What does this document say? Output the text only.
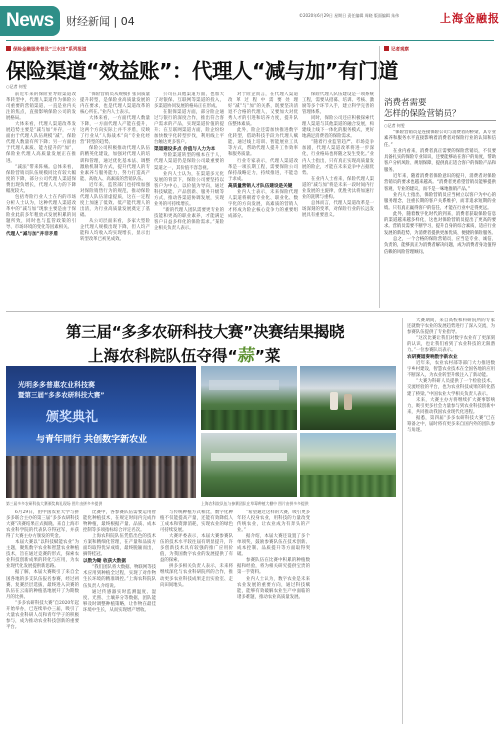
News 财经新闻 | 04	©2020年6月29日 星期日 责任编辑 周晓 版面编辑 朱伟	上海金融报
保险金融服务普及“三水田”系列报道
保险渠道“效益账”：代理人“减与加”有门道
○记者 何雯

前近年来的保险业寿险渠道改革转型中，代理人渠道作为保险公司重要的营销渠道，一直是业内关注的焦点，直接影响保险公司的发展格局。

大体来看，代理人渠道改革发展趋势主要是“减与加”并存，一方面由于代理人队伍规模“减”，保险代理人数量有所下降；另一方面由于代理人素质、能力提升的“加”，保险业代理人高质量发展正在推进。

“减法”带来阵痛。总体来看，保险营销员队伍规模同比有较大幅度的下降，部分公司代理人渠道保费出现负增长，代理人人力的下降幅度较大。

包括寿险行业人士在内的市场分析人士认为，这种代理人渠道改革中的“减与加”现象主要是由于保险业此前多年粗放式发展积累的问题所致，同时也与监管政策的引导、市场环境的变化等因素相关。

代理人“减与加”并非矛盾

“保险营销员从规模扩张向质量提升转型，是保险业高质量发展的内在要求，也是代理人渠道改革的核心所在。”业内人士表示。

大体来看，一方面代理人数量下降，一方面代理人产能在提升，这两个方向实际上并不矛盾，反映了行业从“人海战术”向“专业化经营”转型的趋势。

保险公司积极推动代理人队伍的精英化建设，加强对代理人的培训和管理，通过优化基本法、调整激励机制等方式，提升代理人的专业素养与服务能力，努力打造高产能、高收入、高素质的营销队伍。

近年来，监管部门也持续加强对保险销售行为的规范，推动保险代理人队伍清虚提质，这在一定程度上加速了低效、低产能代理人的出清，为行业高质量发展奠定了基础。

从公司层面来看，多家大型险企代理人规模出现下降，但人均产能和人均收入均实现增长，显示出转型改革已初见成效。

公司在其他渠道方面，也加大了对银保、互联网等渠道的投入，多渠道协同发展的格局正在形成。

在银保渠道方面，部分险企通过与银行的深度合作，推出符合客户需求的产品，实现渠道价值的提升；在互联网渠道方面，险企纷纷加快数字化转型步伐，利用线上平台触达更多客户。

渠道建设多点 价值与人力为本

寿险渠道转型的根本在于人，代理人渠道仍是保险公司最重要的渠道之一，其价值不容忽视。

业内人士认为，在渠道多元化发展的背景下，保险公司要坚持以客户为中心，以价值为导向，通过科技赋能、产品创新、服务升级等方式，推动各渠道协调发展，实现业务的可持续增长。

“新的代理人团队需要更专业的技能和更高的职业素养，才能满足客户日益多样化的保险需求。”某险企相关负责人表示。

对于险企而言，在代理人渠道改革过程中需要处理好“减”与“加”的关系，既要坚决清退不合格的代理人，又要加大对优秀人才的引进和培养力度，提升队伍整体素质。

此外，险企还需加快推进数字化转型，借助科技手段为代理人赋能，通过线上培训、智能展业工具等方式，帮助代理人提升工作效率和服务质量。

行业专家表示，代理人渠道改革是一项长期工程，需要保险公司保持战略定力，持续推进，不能急于求成。

高质量营销人才队伍建设是关键

业内人士表示，未来保险代理人渠道将朝着专业化、职业化、数字化的方向发展，高素质的营销人才将成为险企核心竞争力的重要组成部分。

保险代理人队伍建设是一项系统工程，需要从招募、培训、考核、激励等多个环节入手，建立科学完善的管理体系。

同时，保险公司还应积极探索代理人渠道与其他渠道的融合发展，构建线上线下一体化的服务模式，更好地满足消费者的保险需求。

“随着行业监管趋严、市场竞争加剧，代理人渠道改革将进一步深化，行业格局也将随之发生变化。”业内人士指出，只有真正实现高质量发展的险企，才能在未来竞争中占据优势。

在业内人士看来，保险代理人渠道的“减与加”将是未来一段时间内行业发展的主旋律，优胜劣汰将加速行业的洗牌与重构。

总体而言，代理人渠道改革是一场深刻的变革，对保险行业的长远发展具有重要意义。

记者观察
消费者需要
怎样的保险营销员？
○记者 何雯

“保险营销员是连接保险公司与消费者的桥梁，其专业素养和服务水平直接影响着消费者对保险行业的认知和信任。”

在业内看来，消费者真正需要的保险营销员，不仅要具备扎实的保险专业知识，还要能够站在客户的角度，帮助客户分析风险、规划保障，提供真正适合客户的保险产品和服务。

近年来，随着消费者保险意识的提升，消费者对保险营销员的要求也越来越高。“消费者更希望营销员能够提供客观、专业的建议，而不是一味地推销产品。”

业内人士指出，保险营销员应当树立以客户为中心的服务理念，注重长期的客户关系维护，而非追求短期的业绩。只有真正赢得客户的信任，才能在行业中走得更远。

此外，随着数字化时代的到来，消费者获取保险信息的渠道越来越多样化，这也对保险营销员提出了更高的要求。营销员需要不断学习，提升自身的综合素质，适应行业发展的新趋势，为消费者提供更加优质、便捷的保险服务。

总之，一个合格的保险营销员，应当是专业、诚信、负责的，能够真正为消费者解决问题，成为消费者身边值得信赖的风险管理顾问。

第三届“多多农研科技大赛”决赛结果揭晓
上海农科院队伍夺得“蒜”菜
光明多多普惠农业科技赛
暨第三届“多多农研科技大赛”
颁奖典礼
与青年同行 共创数字新农业
第三届多多农研科技大赛颁奖典礼现场 图片由拼多多提供	上海农科院队伍与参赛团队在草莓种植大棚中 图片由拼多多提供

6月29日，由中国农业大学与拼多多联合主办的第三届“多多农研科技大赛”决赛结果正式揭晓。来自上海市农业科学院的代表队夺得冠军，并获得了大赛主办方颁发的奖金。

本届大赛以“以科技赋能农业”为主题，聚焦数字农业和智慧农业种植技术，旨在通过竞赛的形式，探索农业科技创新成果的转化与应用，为农业现代化发展提供新思路。

据了解，本届大赛吸引了来自全国各地的多支队伍报名参赛，经过初赛、复赛层层选拔，最终进入决赛的队伍在云南的种植基地展开了为期数月的比拼。

“多多农研科技大赛”自2020年起开始举办，已连续举办三届，吸引了大量农业科研人员和青年学子的积极参与，成为推动农业科技创新的重要平台。

比赛中，各参赛队伍需要运用智能化种植技术，在规定时间内完成作物种植，最终根据产量、品质、成本控制等多项指标综合评定名次。

上海农科院队伍凭借出色的技术方案和精细化管理，在产量和品质方面均取得优异成绩，最终脱颖而出，摘得桂冠。

以数为锄 收获大数据

“我们团队将大数据、物联网等技术应用到种植全过程，实现了对作物生长环境的精准调控。”上海农科院队伍负责人介绍说。

通过传感器实时监测温度、湿度、光照、土壤养分等数据，团队能够及时调整种植策略，让作物在最佳环境中生长，从而实现增产增收。

与传统种植方式相比，数字化种植不仅能提高产量，还能有效降低人工成本和资源消耗，实现农业的绿色可持续发展。

大赛评委表示，本届大赛参赛队伍的技术水平较往届有明显提升，许多创新技术具有较强的推广应用价值，为我国数字农业的发展提供了有益的探索。

拼多多相关负责人表示，未来将继续深化与农业科研院所的合作，推动更多农业科技成果走出实验室、走向田间地头。

“希望通过这样的大赛，吸引更多年轻人投身农业，用科技的力量改变传统农业，让农业成为有奔头的产业。”

据介绍，本届大赛还设置了多个单项奖，鼓励参赛队伍在技术创新、成本控制、品质提升等方面取得突破。

参赛队伍在比赛中积累的种植数据和经验，将为相关研究提供宝贵的第一手资料。

业内人士认为，数字农业是未来农业发展的重要方向，通过科技赋能，能够有效破解农业生产中面临的诸多难题，推动农业高质量发展。

大赛期间，来自高校和科研院所的专家还就数字农业的发展趋势进行了深入交流，为参赛队伍提供了专业指导。

“这次比赛让我们对数字农业有了更深刻的认识，也让我们看到了农业科技的无限潜力。”一位参赛队员表示。

农研赛道奏响数字新农业

近年来，农业农村部等部门大力推进数字乡村建设，智慧农业技术在全国各地的应用不断深入，为农业转型升级注入了新动能。

“大赛为科研人员提供了一个检验技术、交流经验的平台，也为农业科技成果的转化搭建了桥梁。”中国农业大学相关负责人表示。

未来，大赛主办方将继续扩大赛事影响力，吸引更多社会力量参与到农业科技创新中来，共同推动我国农业现代化进程。

据悉，第四届“多多农研科技大赛”已在筹备之中，届时将有更多来自国内外的团队参与角逐。
